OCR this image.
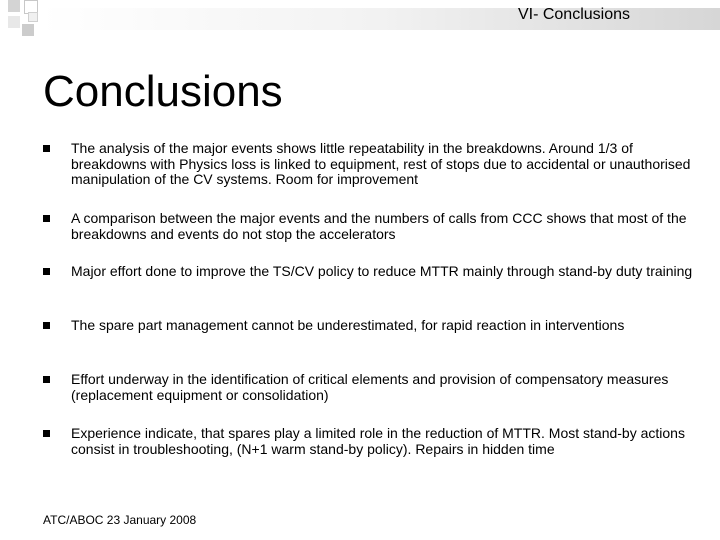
VI- Conclusions
Conclusions
The analysis of the major events shows little repeatability in the breakdowns. Around 1/3 of breakdowns with Physics loss is linked to equipment, rest of stops due to accidental or unauthorised manipulation of the CV systems. Room for improvement
A comparison between the major events and the numbers of calls from CCC shows that most of the breakdowns and events do not stop the accelerators
Major effort done to improve the TS/CV policy to reduce MTTR mainly through stand-by duty training
The spare part management cannot be underestimated, for rapid reaction in interventions
Effort underway in the identification of critical elements and provision of compensatory measures (replacement equipment or consolidation)
Experience indicate, that spares play a limited role in the reduction of MTTR. Most stand-by actions consist in troubleshooting, (N+1 warm stand-by policy). Repairs in hidden time
ATC/ABOC 23 January 2008
